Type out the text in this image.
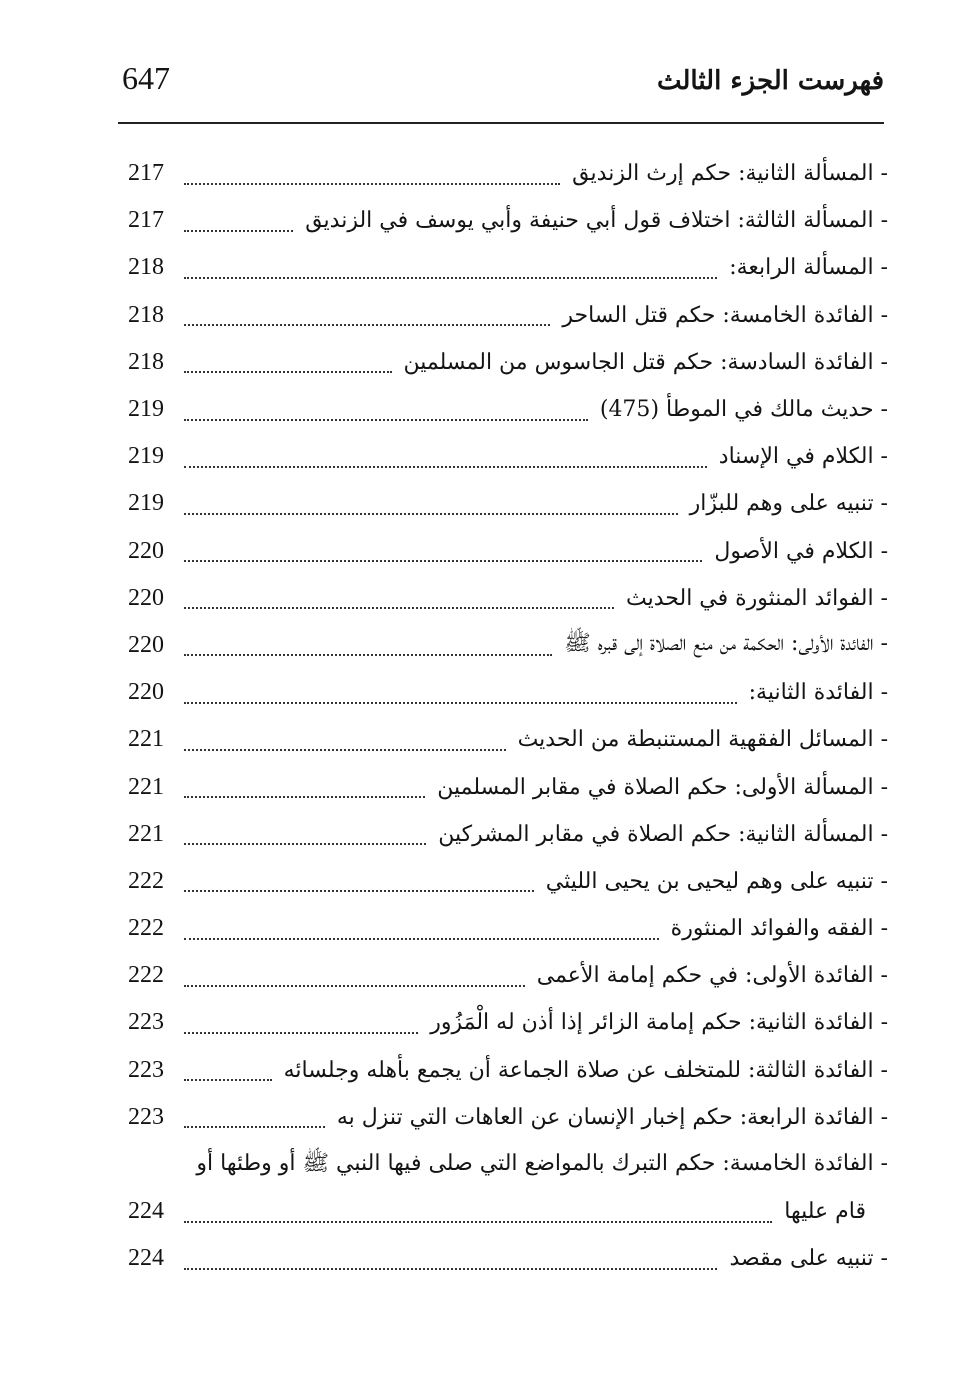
647	فهرست الجزء الثالث
- المسألة الثانية: حكم إرث الزنديق
217
- المسألة الثالثة: اختلاف قول أبي حنيفة وأبي يوسف في الزنديق
217
- المسألة الرابعة:
218
- الفائدة الخامسة: حكم قتل الساحر
218
- الفائدة السادسة: حكم قتل الجاسوس من المسلمين
218
- حديث مالك في الموطأ (475)
219
- الكلام في الإسناد
219
- تنبيه على وهم للبزّار
219
- الكلام في الأصول
220
- الفوائد المنثورة في الحديث
220
- الفائدة الأولى: الحكمة من منع الصلاة إلى قبره ﷺ
220
- الفائدة الثانية:
220
- المسائل الفقهية المستنبطة من الحديث
221
- المسألة الأولى: حكم الصلاة في مقابر المسلمين
221
- المسألة الثانية: حكم الصلاة في مقابر المشركين
221
- تنبيه على وهم ليحيى بن يحيى الليثي
222
- الفقه والفوائد المنثورة
222
- الفائدة الأولى: في حكم إمامة الأعمى
222
- الفائدة الثانية: حكم إمامة الزائر إذا أذن له الْمَزُور
223
- الفائدة الثالثة: للمتخلف عن صلاة الجماعة أن يجمع بأهله وجلسائه
223
- الفائدة الرابعة: حكم إخبار الإنسان عن العاهات التي تنزل به
223
- الفائدة الخامسة: حكم التبرك بالمواضع التي صلى فيها النبي ﷺ أو وطئها أو
قام عليها
224
- تنبيه على مقصد
224
